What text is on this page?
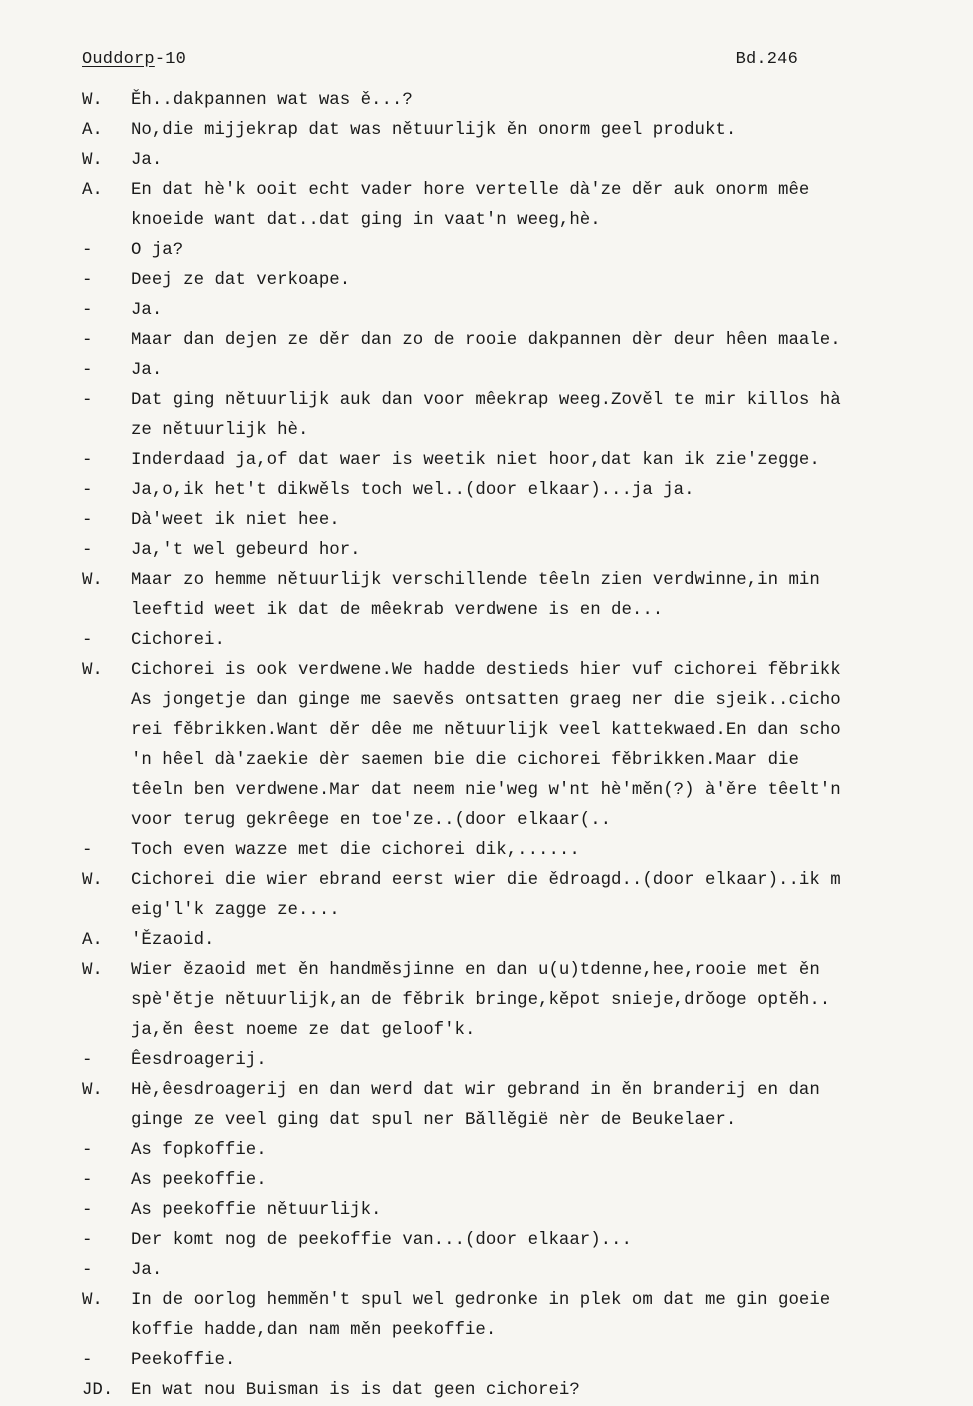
Ouddorp-10	Bd.246
W. Ěh..dakpannen wat was ě...?
A. No,die mijjekrap dat was nětuurlijk ěn onorm geel produkt.
W. Ja.
A. En dat hè'k ooit echt vader hore vertelle dà'ze děr auk onorm mêe
knoeide want dat..dat ging in vaat'n weeg,hè.
- O ja?
- Deej ze dat verkoape.
- Ja.
- Maar dan dejen ze děr dan zo de rooie dakpannen dèr deur hêen maale.
- Ja.
- Dat ging nětuurlijk auk dan voor mêekrap weeg.Zověl te mir killos hà
ze nětuurlijk hè.
- Inderdaad ja,of dat waer is weetik niet hoor,dat kan ik zie'zegge.
- Ja,o,ik het't dikwěls toch wel..(door elkaar)...ja ja.
- Dà'weet ik niet hee.
- Ja,'t wel gebeurd hor.
W. Maar zo hemme nětuurlijk verschillende têeln zien verdwinne,in min
leeftid weet ik dat de mêekrab verdwene is en de...
- Cichorei.
W. Cichorei is ook verdwene.We hadde destieds hier vuf cichorei fěbrikk
As jongetje dan ginge me saevěs ontsatten graeg ner die sjeik..cicho
rei fěbrikken.Want děr dêe me nětuurlijk veel kattekwaed.En dan scho
'n hêel dà'zaekie dèr saemen bie die cichorei fěbrikken.Maar die
têeln ben verdwene.Mar dat neem nie'weg w'nt hè'měn(?) à'ěre têelt'n
voor terug gekrêege en toe'ze..(door elkaar(..
- Toch even wazze met die cichorei dik,......
W. Cichorei die wier ebrand eerst wier die ědroagd..(door elkaar)..ik m
eig'l'k zagge ze....
A. 'Ězaoid.
W. Wier ězaoid met ěn handměsjinne en dan u(u)tdenne,hee,rooie met ěn
spè'ětje nětuurlijk,an de fěbrik bringe,kěpot snieje,drǒoge optěh..
ja,ěn êest noeme ze dat geloof'k.
- Êesdroagerij.
W. Hè,êesdroagerij en dan werd dat wir gebrand in ěn branderij en dan
ginge ze veel ging dat spul ner Bǎllěgië nèr de Beukelaer.
- As fopkoffie.
- As peekoffie.
- As peekoffie nětuurlijk.
- Der komt nog de peekoffie van...(door elkaar)...
- Ja.
W. In de oorlog hemměn't spul wel gedronke in plek om dat me gin goeie
koffie hadde,dan nam měn peekoffie.
- Peekoffie.
JD. En wat nou Buisman is is dat geen cichorei?
